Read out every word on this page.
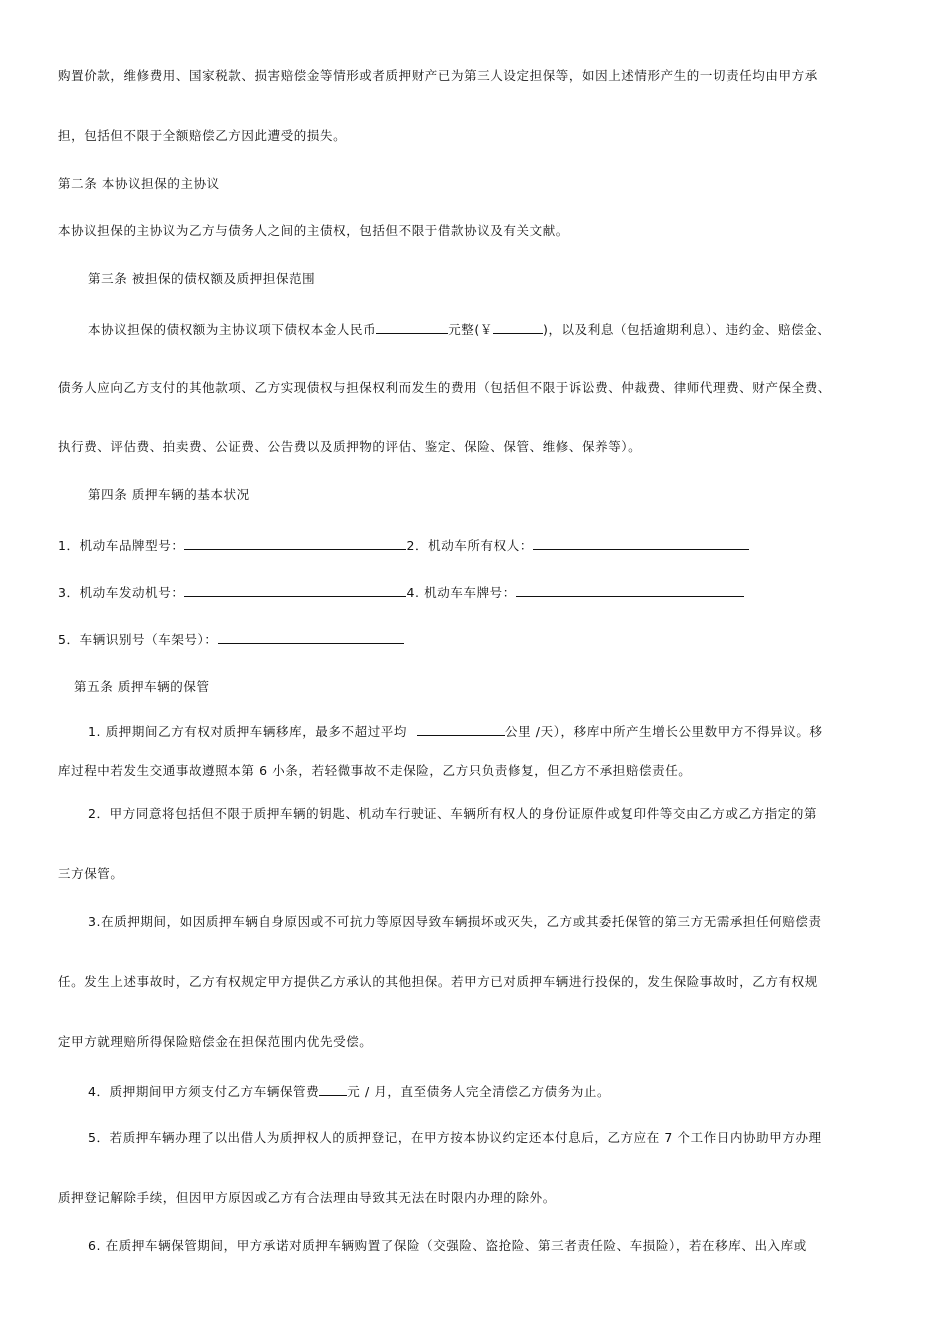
购置价款，维修费用、国家税款、损害赔偿金等情形或者质押财产已为第三人设定担保等，如因上述情形产生的一切责任均由甲方承
担，包括但不限于全额赔偿乙方因此遭受的损失。
第二条 本协议担保的主协议
本协议担保的主协议为乙方与债务人之间的主债权，包括但不限于借款协议及有关文献。
第三条 被担保的债权额及质押担保范围
本协议担保的债权额为主协议项下债权本金人民币	元整(￥	)，以及利息（包括逾期利息）、违约金、赔偿金、
债务人应向乙方支付的其他款项、乙方实现债权与担保权利而发生的费用（包括但不限于诉讼费、仲裁费、律师代理费、财产保全费、
执行费、评估费、拍卖费、公证费、公告费以及质押物的评估、鉴定、保险、保管、维修、保养等）。
第四条 质押车辆的基本状况
1．机动车品牌型号：	2．机动车所有权人：
3．机动车发动机号：	4. 机动车车牌号：
5．车辆识别号（车架号）：
第五条 质押车辆的保管
1. 质押期间乙方有权对质押车辆移库，最多不超过平均	公里 /天），移库中所产生增长公里数甲方不得异议。移
库过程中若发生交通事故遵照本第 6 小条，若轻微事故不走保险，乙方只负责修复，但乙方不承担赔偿责任。
2．甲方同意将包括但不限于质押车辆的钥匙、机动车行驶证、车辆所有权人的身份证原件或复印件等交由乙方或乙方指定的第
三方保管。
3.在质押期间，如因质押车辆自身原因或不可抗力等原因导致车辆损坏或灭失，乙方或其委托保管的第三方无需承担任何赔偿责
任。发生上述事故时，乙方有权规定甲方提供乙方承认的其他担保。若甲方已对质押车辆进行投保的，发生保险事故时，乙方有权规
定甲方就理赔所得保险赔偿金在担保范围内优先受偿。
4．质押期间甲方须支付乙方车辆保管费 元 / 月，直至债务人完全清偿乙方债务为止。
5．若质押车辆办理了以出借人为质押权人的质押登记，在甲方按本协议约定还本付息后，乙方应在 7 个工作日内协助甲方办理
质押登记解除手续，但因甲方原因或乙方有合法理由导致其无法在时限内办理的除外。
6. 在质押车辆保管期间，甲方承诺对质押车辆购置了保险（交强险、盗抢险、第三者责任险、车损险），若在移库、出入库或
